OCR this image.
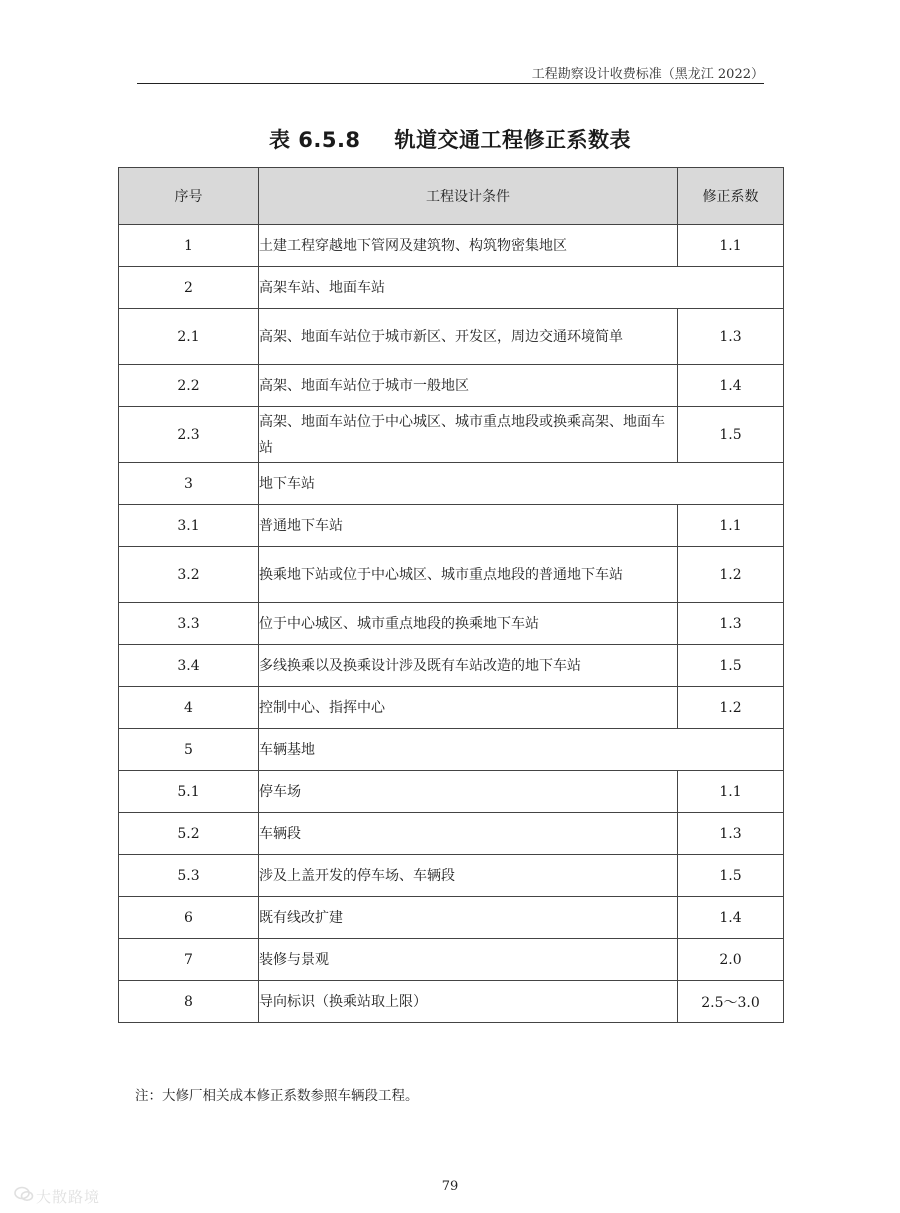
工程勘察设计收费标准（黑龙江 2022）
表 6.5.8 轨道交通工程修正系数表
序号	工程设计条件	修正系数
1	土建工程穿越地下管网及建筑物、构筑物密集地区	1.1
2	高架车站、地面车站	
2.1	高架、地面车站位于城市新区、开发区，周边交通环境简单	1.3
2.2	高架、地面车站位于城市一般地区	1.4
2.3	高架、地面车站位于中心城区、城市重点地段或换乘高架、地面车站	1.5
3	地下车站	
3.1	普通地下车站	1.1
3.2	换乘地下站或位于中心城区、城市重点地段的普通地下车站	1.2
3.3	位于中心城区、城市重点地段的换乘地下车站	1.3
3.4	多线换乘以及换乘设计涉及既有车站改造的地下车站	1.5
4	控制中心、指挥中心	1.2
5	车辆基地	
5.1	停车场	1.1
5.2	车辆段	1.3
5.3	涉及上盖开发的停车场、车辆段	1.5
6	既有线改扩建	1.4
7	装修与景观	2.0
8	导向标识（换乘站取上限）	2.5～3.0
注：大修厂相关成本修正系数参照车辆段工程。
79
大散路境
